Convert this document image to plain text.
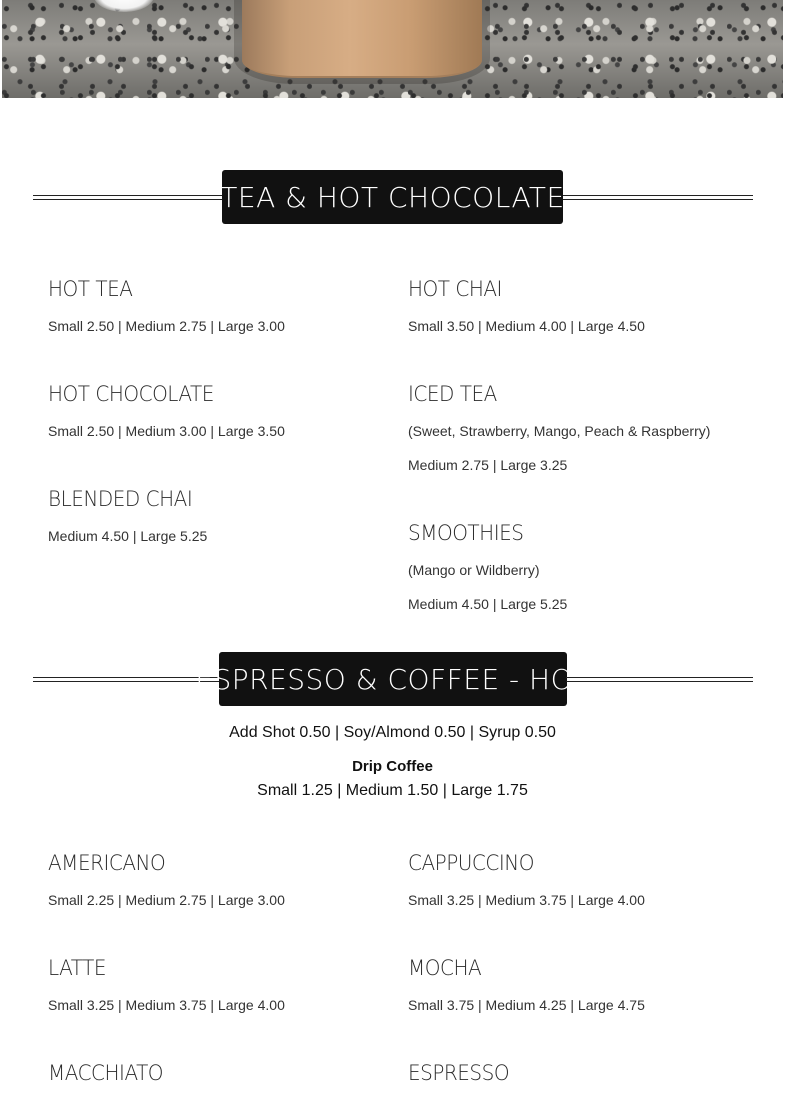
TEA & HOT CHOCOLATE
HOT TEA
Small 2.50 | Medium 2.75 | Large 3.00
HOT CHOCOLATE
Small 2.50 | Medium 3.00 | Large 3.50
BLENDED CHAI
Medium 4.50 | Large 5.25
HOT CHAI
Small 3.50 | Medium 4.00 | Large 4.50
ICED TEA
(Sweet, Strawberry, Mango, Peach & Raspberry)
Medium 2.75 | Large 3.25
SMOOTHIES
(Mango or Wildberry)
Medium 4.50 | Large 5.25
ESPRESSO & COFFEE - HOT
Add Shot 0.50 | Soy/Almond 0.50 | Syrup 0.50
Drip Coffee
Small 1.25 | Medium 1.50 | Large 1.75
AMERICANO
Small 2.25 | Medium 2.75 | Large 3.00
LATTE
Small 3.25 | Medium 3.75 | Large 4.00
MACCHIATO
CAPPUCCINO
Small 3.25 | Medium 3.75 | Large 4.00
MOCHA
Small 3.75 | Medium 4.25 | Large 4.75
ESPRESSO
